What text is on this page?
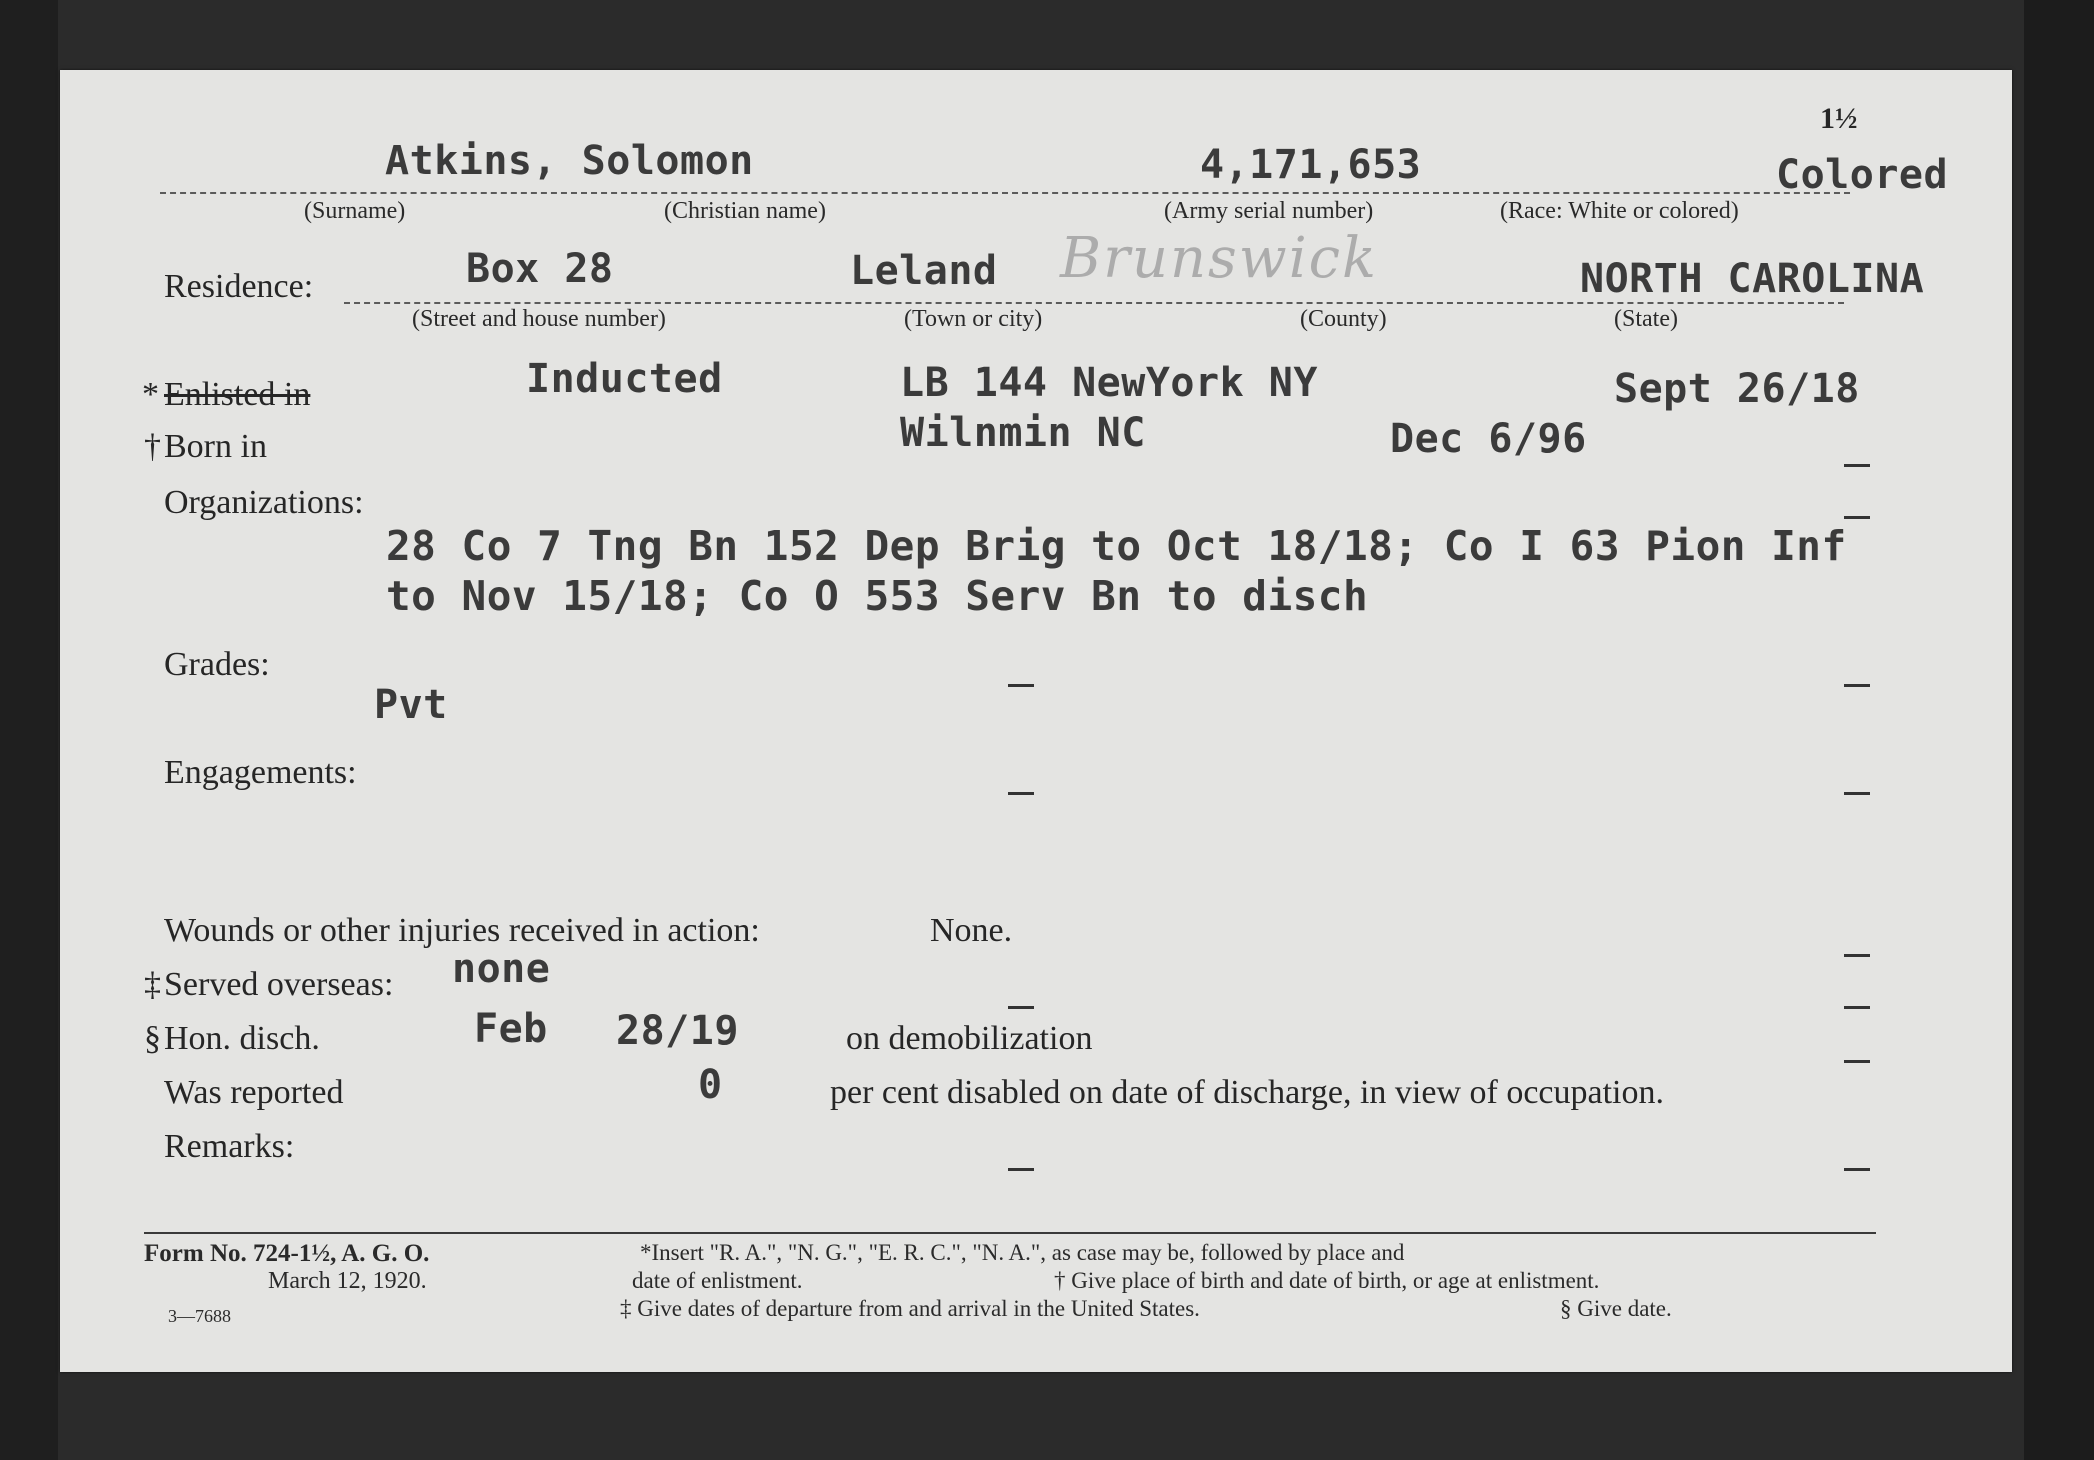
1½
Atkins, Solomon	4,171,653	Colored
(Surname)	(Christian name)	(Army serial number)	(Race: White or colored)
Residence:	Box 28	Leland Brunswick	NORTH CAROLINA
(Street and house number)	(Town or city)	(County)	(State)
* Enlisted in	Inducted	LB 144 NewYork NY	Sept 26/18
† Born in	Wilnmin NC	Dec 6/96
Organizations:
28 Co 7 Tng Bn 152 Dep Brig to Oct 18/18; Co I 63 Pion Inf
to Nov 15/18; Co O 553 Serv Bn to disch
Grades:
Pvt
Engagements:
Wounds or other injuries received in action:	None.
‡ Served overseas: none
§ Hon. disch.	Feb 28/19	on demobilization
Was reported	0	per cent disabled on date of discharge, in view of occupation.
Remarks:
Form No. 724-1½, A. G. O.
March 12, 1920.
3—7688
*Insert "R. A.", "N. G.", "E. R. C.", "N. A.", as case may be, followed by place and
date of enlistment.	† Give place of birth and date of birth, or age at enlistment.
‡ Give dates of departure from and arrival in the United States.	§ Give date.
